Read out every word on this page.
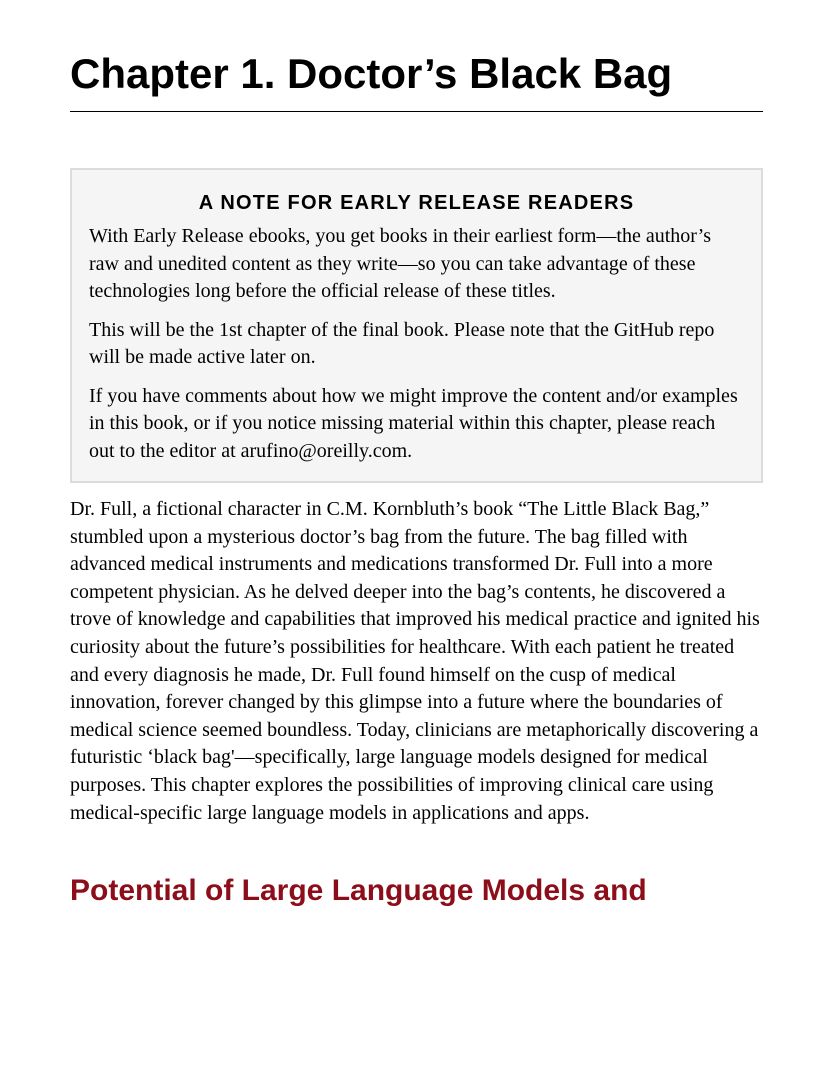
Chapter 1. Doctor’s Black Bag
A NOTE FOR EARLY RELEASE READERS

With Early Release ebooks, you get books in their earliest form—the author’s raw and unedited content as they write—so you can take advantage of these technologies long before the official release of these titles.

This will be the 1st chapter of the final book. Please note that the GitHub repo will be made active later on.

If you have comments about how we might improve the content and/or examples in this book, or if you notice missing material within this chapter, please reach out to the editor at arufino@oreilly.com.

Dr. Full, a fictional character in C.M. Kornbluth’s book “The Little Black Bag,” stumbled upon a mysterious doctor’s bag from the future. The bag filled with advanced medical instruments and medications transformed Dr. Full into a more competent physician. As he delved deeper into the bag’s contents, he discovered a trove of knowledge and capabilities that improved his medical practice and ignited his curiosity about the future’s possibilities for healthcare. With each patient he treated and every diagnosis he made, Dr. Full found himself on the cusp of medical innovation, forever changed by this glimpse into a future where the boundaries of medical science seemed boundless. Today, clinicians are metaphorically discovering a futuristic ‘black bag'—specifically, large language models designed for medical purposes. This chapter explores the possibilities of improving clinical care using medical-specific large language models in applications and apps.

Potential of Large Language Models and
